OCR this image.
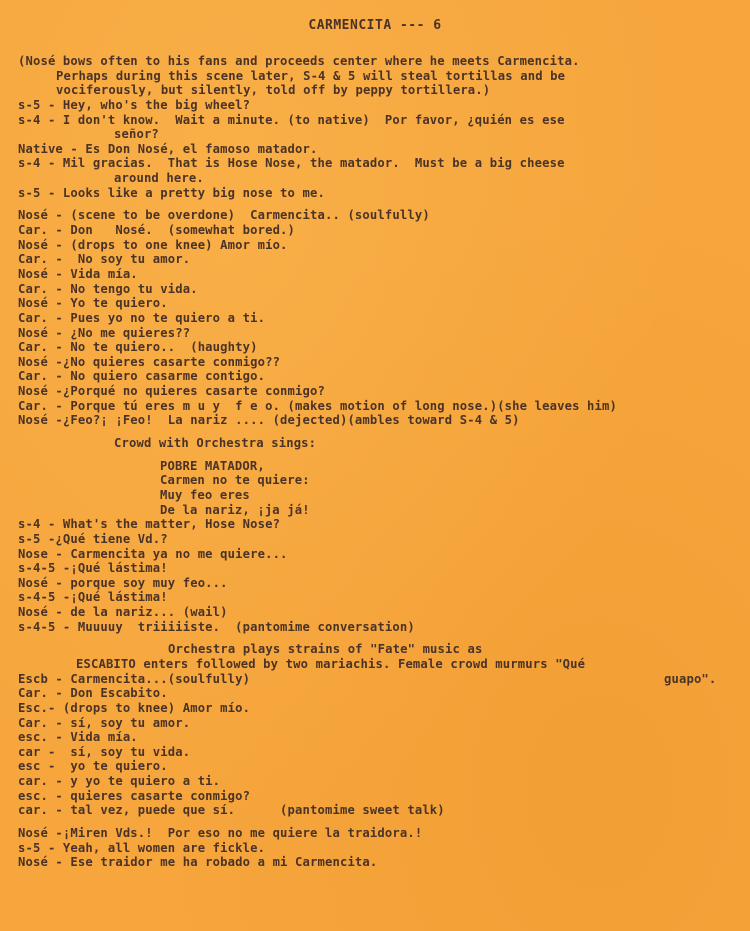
CARMENCITA --- 6
(Nosé bows often to his fans and proceeds center where he meets Carmencita.
Perhaps during this scene later, S-4 & 5 will steal tortillas and be
vociferously, but silently, told off by peppy tortillera.)
s-5 - Hey, who's the big wheel?
s-4 - I don't know.  Wait a minute. (to native)  Por favor, ¿quién es ese
señor?
Native - Es Don Nosé, el famoso matador.
s-4 - Mil gracias.  That is Hose Nose, the matador.  Must be a big cheese
around here.
s-5 - Looks like a pretty big nose to me.
Nosé - (scene to be overdone)  Carmencita.. (soulfully)
Car. - Don   Nosé.  (somewhat bored.)
Nosé - (drops to one knee) Amor mío.
Car. -  No soy tu amor.
Nosé - Vida mía.
Car. - No tengo tu vida.
Nosé - Yo te quiero.
Car. - Pues yo no te quiero a ti.
Nosé - ¿No me quieres??
Car. - No te quiero..  (haughty)
Nosé -¿No quieres casarte conmigo??
Car. - No quiero casarme contigo.
Nosé -¿Porqué no quieres casarte conmigo?
Car. - Porque tú eres m u y  f e o. (makes motion of long nose.)(she leaves him)
Nosé -¿Feo?¡ ¡Feo!  La nariz .... (dejected)(ambles toward S-4 & 5)
Crowd with Orchestra sings:
POBRE MATADOR,
Carmen no te quiere:
Muy feo eres
De la nariz, ¡ja já!
s-4 - What's the matter, Hose Nose?
s-5 -¿Qué tiene Vd.?
Nose - Carmencita ya no me quiere...
s-4-5 -¡Qué lástima!
Nosé - porque soy muy feo...
s-4-5 -¡Qué lástima!
Nosé - de la nariz... (wail)
s-4-5 - Muuuuy  triiiiiste.  (pantomime conversation)
Orchestra plays strains of "Fate" music as
ESCABITO enters followed by two mariachis. Female crowd murmurs "Qué
Escb - Carmencita...(soulfully)	guapo".
Car. - Don Escabito.
Esc.- (drops to knee) Amor mío.
Car. - sí, soy tu amor.
esc. - Vida mía.
car -  sí, soy tu vida.
esc -  yo te quiero.
car. - y yo te quiero a ti.
esc. - quieres casarte conmigo?
car. - tal vez, puede que sí.      (pantomime sweet talk)
Nosé -¡Miren Vds.!  Por eso no me quiere la traidora.!
s-5 - Yeah, all women are fickle.
Nosé - Ese traidor me ha robado a mi Carmencita.
